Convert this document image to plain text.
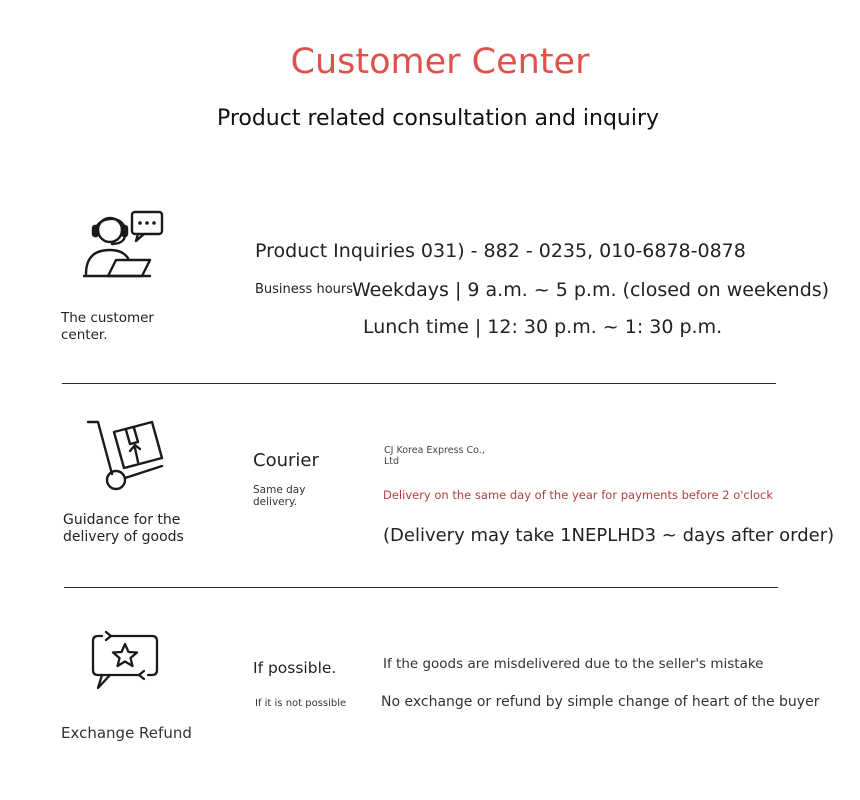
Customer Center
Product related consultation and inquiry
The customer center.
Product Inquiries 031) - 882 - 0235, 010-6878-0878
Business hours
Weekdays | 9 a.m. ~ 5 p.m. (closed on weekends)
Lunch time | 12: 30 p.m. ~ 1: 30 p.m.
Guidance for the delivery of goods
Courier
Same day delivery.
CJ Korea Express Co., Ltd
Delivery on the same day of the year for payments before 2 o'clock
(Delivery may take 1NEPLHD3 ~ days after order)
Exchange Refund
If possible.
If it is not possible
If the goods are misdelivered due to the seller's mistake
No exchange or refund by simple change of heart of the buyer
